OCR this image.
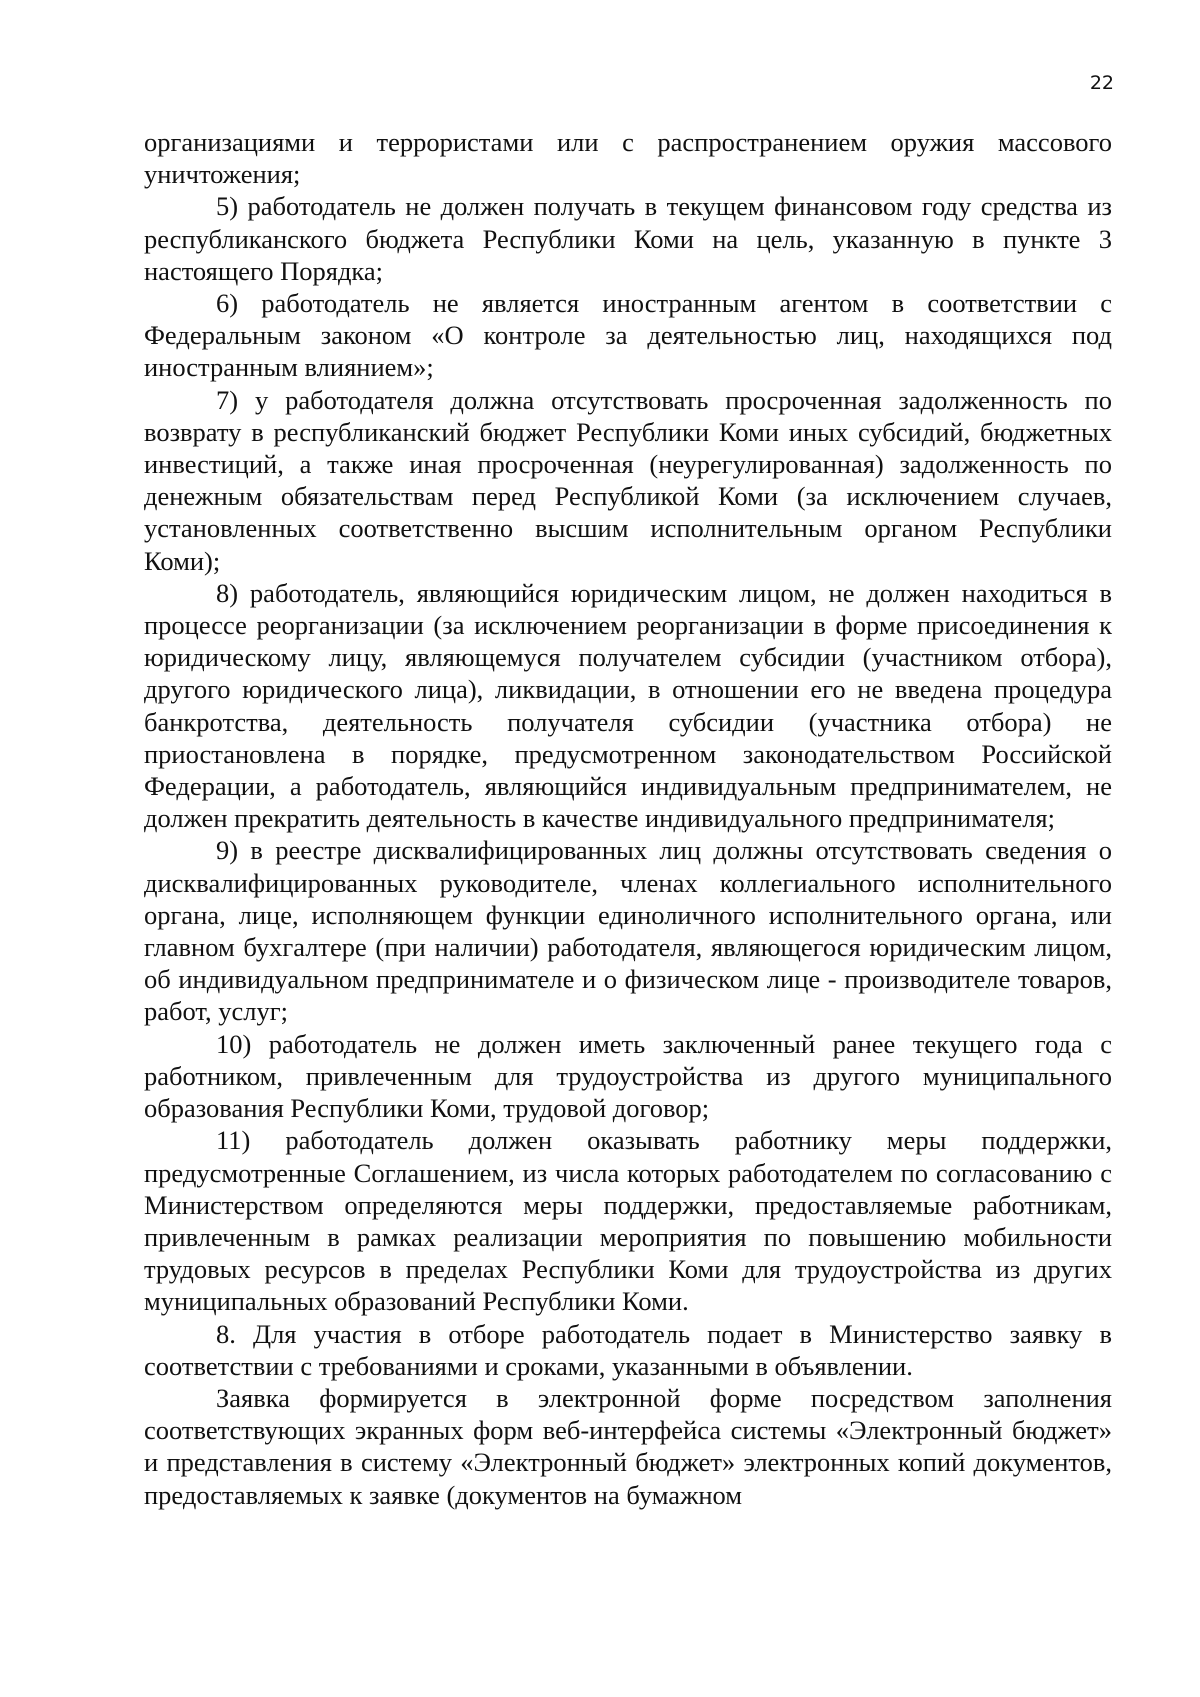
22

организациями и террористами или с распространением оружия массового уничтожения;

5) работодатель не должен получать в текущем финансовом году средства из республиканского бюджета Республики Коми на цель, указанную в пункте 3 настоящего Порядка;

6) работодатель не является иностранным агентом в соответствии с Федеральным законом «О контроле за деятельностью лиц, находящихся под иностранным влиянием»;

7) у работодателя должна отсутствовать просроченная задолженность по возврату в республиканский бюджет Республики Коми иных субсидий, бюджетных инвестиций, а также иная просроченная (неурегулированная) задолженность по денежным обязательствам перед Республикой Коми (за исключением случаев, установленных соответственно высшим исполнительным органом Республики Коми);

8) работодатель, являющийся юридическим лицом, не должен находиться в процессе реорганизации (за исключением реорганизации в форме присоединения к юридическому лицу, являющемуся получателем субсидии (участником отбора), другого юридического лица), ликвидации, в отношении его не введена процедура банкротства, деятельность получателя субсидии (участника отбора) не приостановлена в порядке, предусмотренном законодательством Российской Федерации, а работодатель, являющийся индивидуальным предпринимателем, не должен прекратить деятельность в качестве индивидуального предпринимателя;

9) в реестре дисквалифицированных лиц должны отсутствовать сведения о дисквалифицированных руководителе, членах коллегиального исполнительного органа, лице, исполняющем функции единоличного исполнительного органа, или главном бухгалтере (при наличии) работодателя, являющегося юридическим лицом, об индивидуальном предпринимателе и о физическом лице - производителе товаров, работ, услуг;

10) работодатель не должен иметь заключенный ранее текущего года с работником, привлеченным для трудоустройства из другого муниципального образования Республики Коми, трудовой договор;

11) работодатель должен оказывать работнику меры поддержки, предусмотренные Соглашением, из числа которых работодателем по согласованию с Министерством определяются меры поддержки, предоставляемые работникам, привлеченным в рамках реализации мероприятия по повышению мобильности трудовых ресурсов в пределах Республики Коми для трудоустройства из других муниципальных образований Республики Коми.

8. Для участия в отборе работодатель подает в Министерство заявку в соответствии с требованиями и сроками, указанными в объявлении.

Заявка формируется в электронной форме посредством заполнения соответствующих экранных форм веб-интерфейса системы «Электронный бюджет» и представления в систему «Электронный бюджет» электронных копий документов, предоставляемых к заявке (документов на бумажном
